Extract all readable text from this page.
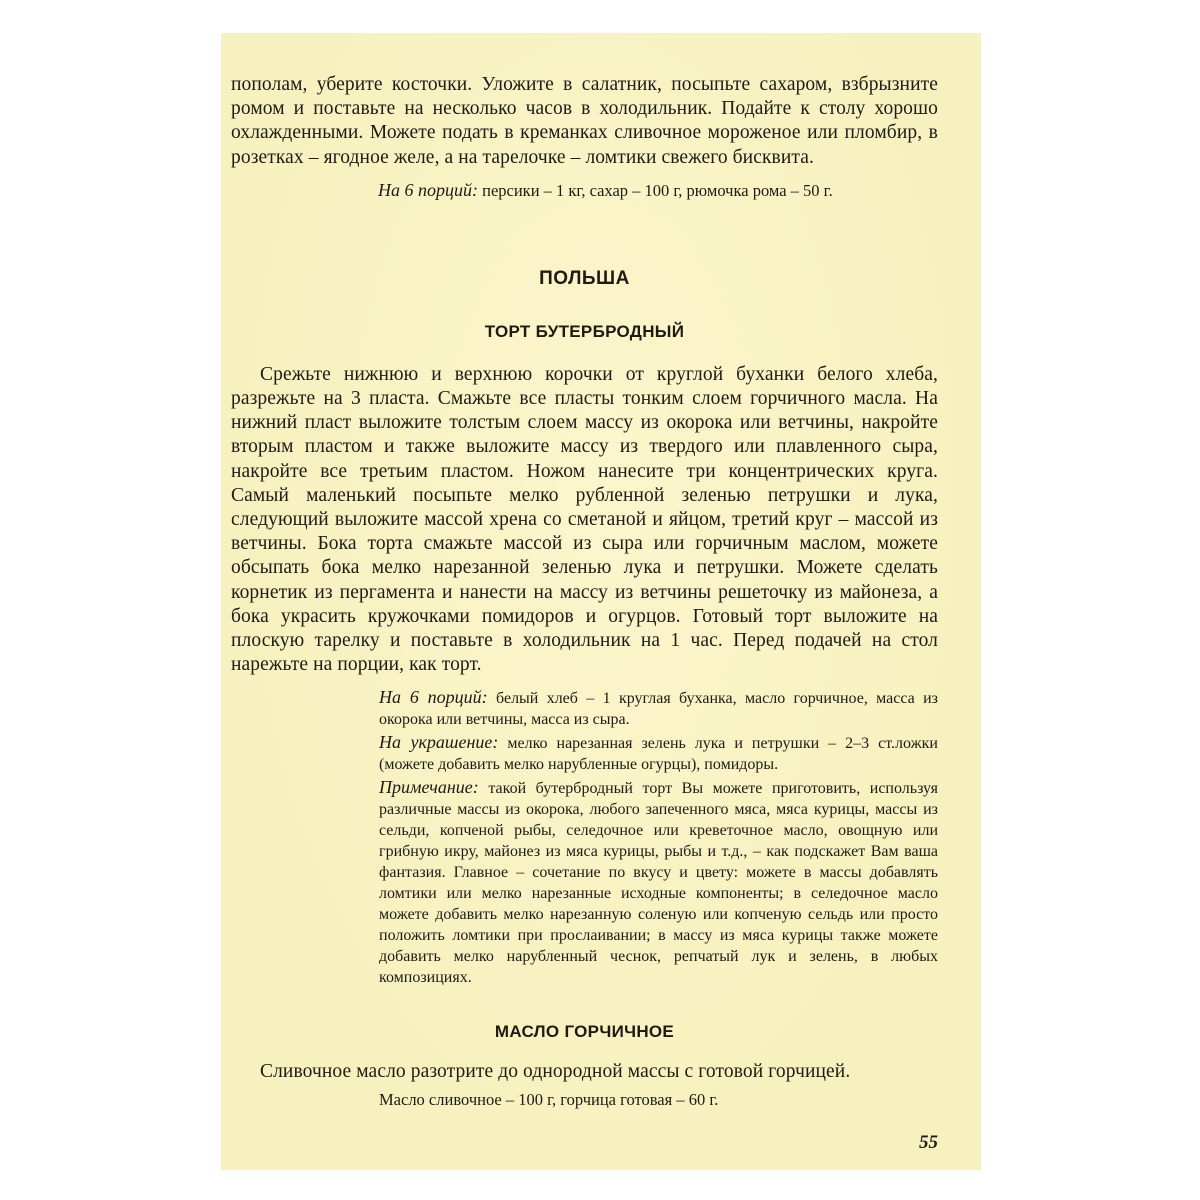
пополам, уберите косточки. Уложите в салатник, посыпьте сахаром, взбрызните ромом и поставьте на несколько часов в холодильник. Подайте к столу хорошо охлажденными. Можете подать в креманках сливочное мороженое или пломбир, в розетках – ягодное желе, а на тарелочке – ломтики свежего бисквита.

На 6 порций: персики – 1 кг, сахар – 100 г, рюмочка рома – 50 г.

ПОЛЬША
ТОРТ БУТЕРБРОДНЫЙ

Срежьте нижнюю и верхнюю корочки от круглой буханки белого хлеба, разрежьте на 3 пласта. Смажьте все пласты тонким слоем горчичного масла. На нижний пласт выложите толстым слоем массу из окорока или ветчины, накройте вторым пластом и также выложите массу из твердого или плавленного сыра, накройте все третьим пластом. Ножом нанесите три концентрических круга. Самый маленький посыпьте мелко рубленной зеленью петрушки и лука, следующий выложите массой хрена со сметаной и яйцом, третий круг – массой из ветчины. Бока торта смажьте массой из сыра или горчичным маслом, можете обсыпать бока мелко нарезанной зеленью лука и петрушки. Можете сделать корнетик из пергамента и нанести на массу из ветчины решеточку из майонеза, а бока украсить кружочками помидоров и огурцов. Готовый торт выложите на плоскую тарелку и поставьте в холодильник на 1 час. Перед подачей на стол нарежьте на порции, как торт.

На 6 порций: белый хлеб – 1 круглая буханка, масло горчичное, масса из окорока или ветчины, масса из сыра.

На украшение: мелко нарезанная зелень лука и петрушки – 2–3 ст.ложки (можете добавить мелко нарубленные огурцы), помидоры.

Примечание: такой бутербродный торт Вы можете приготовить, используя различные массы из окорока, любого запеченного мяса, мяса курицы, массы из сельди, копченой рыбы, селедочное или креветочное масло, овощную или грибную икру, майонез из мяса курицы, рыбы и т.д., – как подскажет Вам ваша фантазия. Главное – сочетание по вкусу и цвету: можете в массы добавлять ломтики или мелко нарезанные исходные компоненты; в селедочное масло можете добавить мелко нарезанную соленую или копченую сельдь или просто положить ломтики при прослаивании; в массу из мяса курицы также можете добавить мелко нарубленный чеснок, репчатый лук и зелень, в любых композициях.

МАСЛО ГОРЧИЧНОЕ

Сливочное масло разотрите до однородной массы с готовой горчицей.

Масло сливочное – 100 г, горчица готовая – 60 г.

55
